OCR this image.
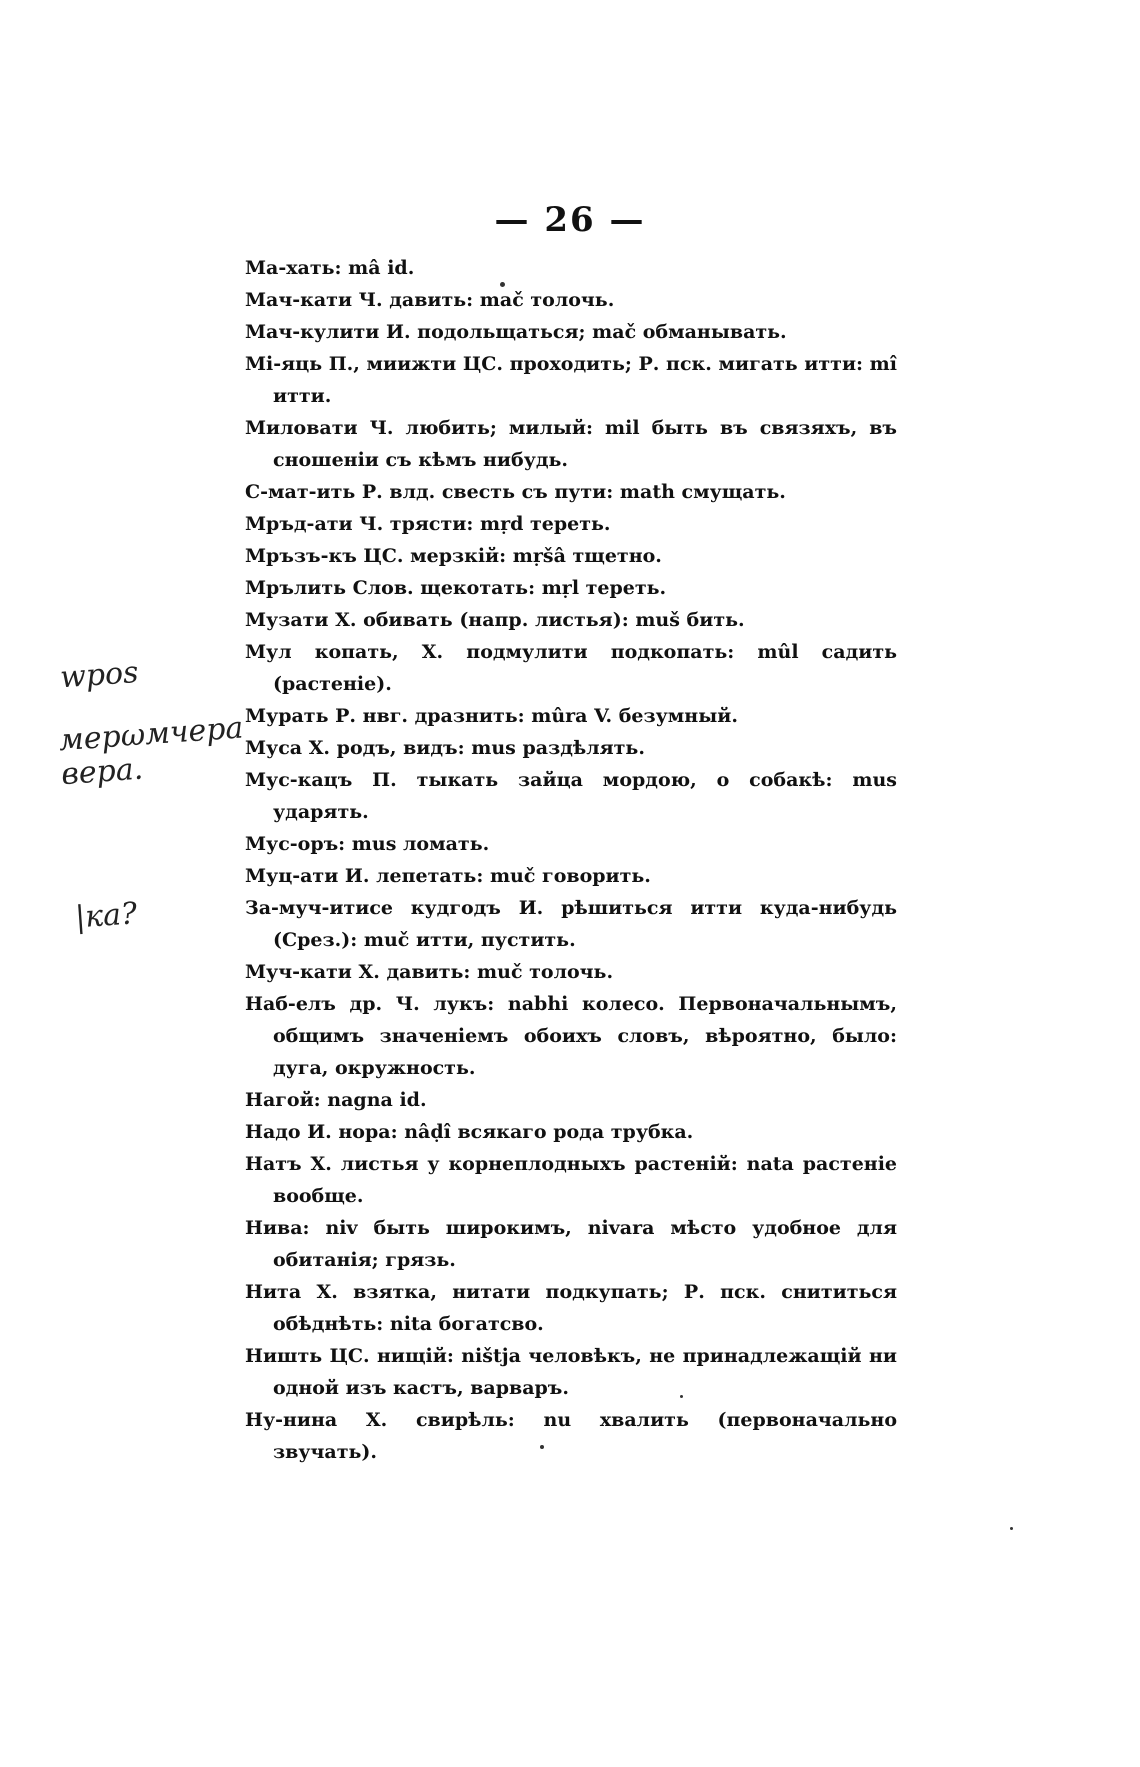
— 26 —

Ма-хать: mâ id.

Мач-кати Ч. давить: mač толочь.

Мач-кулити И. подольщаться; mač обманывать.

Мі-яць П., миижти ЦС. проходить; Р. пск. мигать итти: mî итти.

Миловати Ч. любить; милый: mil быть въ связяхъ, въ сношеніи съ кѣмъ нибудь.

С-мат-ить Р. влд. свесть съ пути: math смущать.

Мръд-ати Ч. трясти: mṛd тереть.

Мръзъ-къ ЦС. мерзкій: mṛšâ тщетно.

Мрълить Слов. щекотать: mṛl тереть.

Музати Х. обивать (напр. листья): muš бить.

Мул копать, Х. подмулити подкопать: mûl садить (растеніе).

Мурать Р. нвг. дразнить: mûra V. безумный.

Муса Х. родъ, видъ: mus раздѣлять.

Мус-кацъ П. тыкать зайца мордою, о собакѣ: mus ударять.

Мус-оръ: mus ломать.

Муц-ати И. лепетать: muč говорить.

За-муч-итисе кудгодъ И. рѣшиться итти куда-нибудь (Срез.): muč итти, пустить.

Муч-кати Х. давить: muč толочь.

Наб-елъ др. Ч. лукъ: nabhi колесо. Первоначальнымъ, общимъ значеніемъ обоихъ словъ, вѣроятно, было: дуга, окружность.

Нагой: nagna id.

Надо И. нора: nâḍî всякаго рода трубка.

Натъ Х. листья у корнеплодныхъ растеній: nata растеніе вообще.

Нива: niv быть широкимъ, nivara мѣсто удобное для обитанія; грязь.

Нита Х. взятка, нитати подкупать; Р. пск. снититься обѣднѣть: nita богатсво.

Ништь ЦС. нищій: ništja человѣкъ, не принадлежащій ни одной изъ кастъ, варваръ.

Ну-нина Х. свирѣль: nu хвалить (первоначально звучать).

wpos
мерωмчера
вера.
|ка?
